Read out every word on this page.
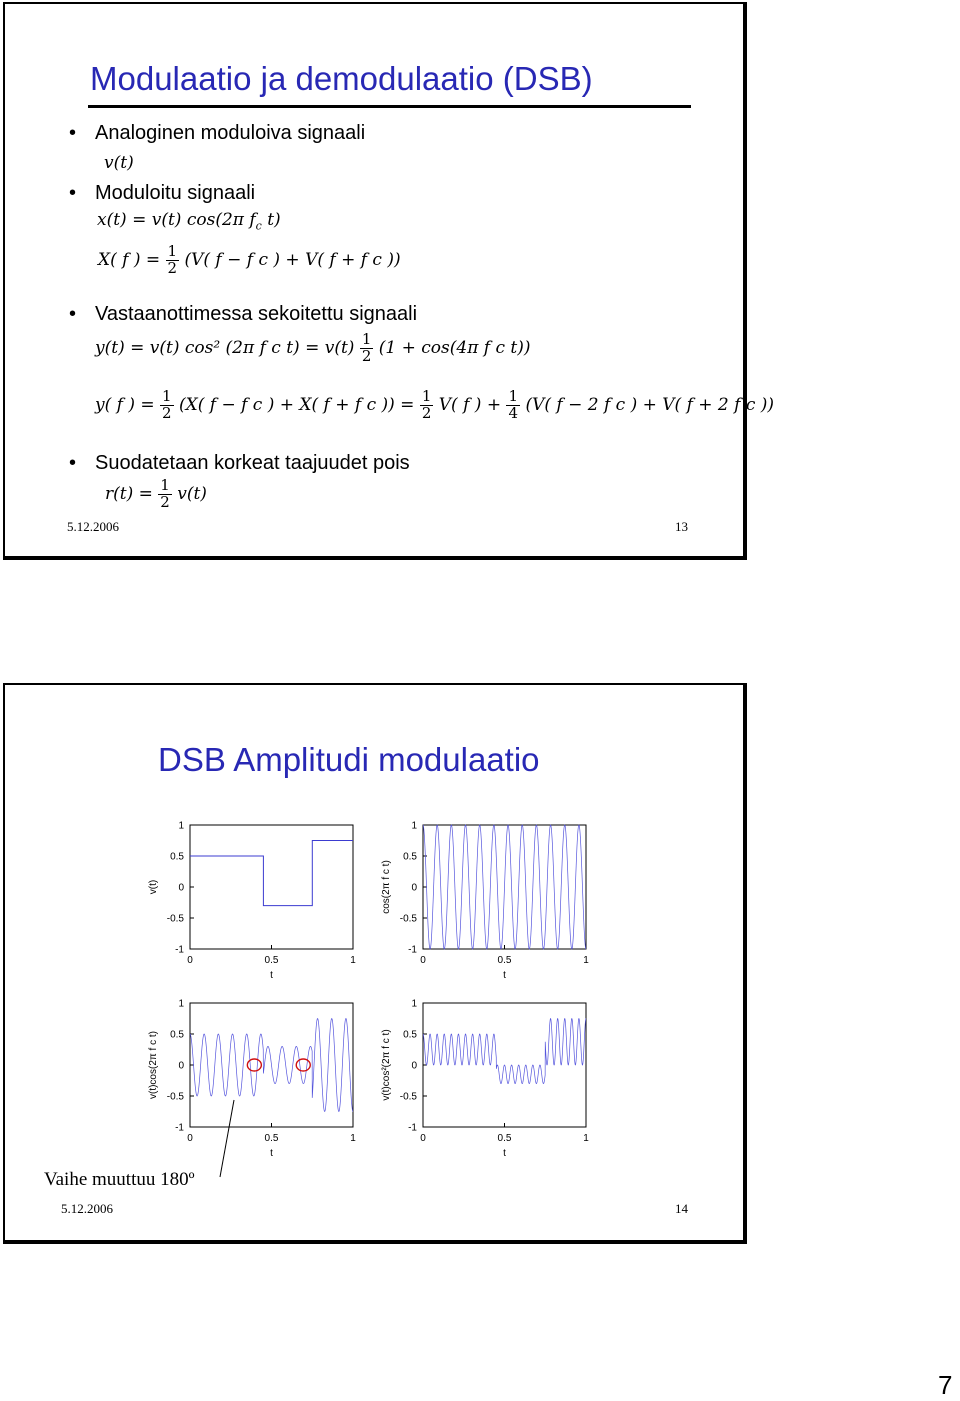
Modulaatio ja demodulaatio (DSB)
• Analoginen moduloiva signaali
v(t)
• Moduloitu signaali
x(t) = v(t) cos(2π $f_c$ t)
X( f ) = $\frac{1}{2} (V$( f − f c ) + V( f + f c ))
• Vastaanottimessa sekoitettu signaali
y(t) = v(t) cos² (2π f c $t) = v(t) \frac{1}{2} (1 + \cos(4\pi$ f c t))
y( f ) = $\frac{1}{2} (X$( f − f c ) + X( f + f c )) = $\frac{1}{2} V$( f ) + $\frac{1}{4} (V$( f − 2 f c ) + V( f + 2 f c ))
• Suodatetaan korkeat taajuudet pois
$r(t) = \frac{1}{2} v(t)$
5.12.2006	13
DSB Amplitudi modulaatio
-1
-0.5
0
0.5
1
0	0.5	1
t
v(t)
-1
-0.5
0
0.5
1
0	0.5	1
t
cos(2π f c t)
-1
-0.5
0
0.5
1
0	0.5	1
t
v(t)cos(2π f c t)
-1
-0.5
0
0.5
1
0	0.5	1
t
v(t)cos²(2π f c t)
5.12.2006	14
Vaihe muuttuu 180º
7
